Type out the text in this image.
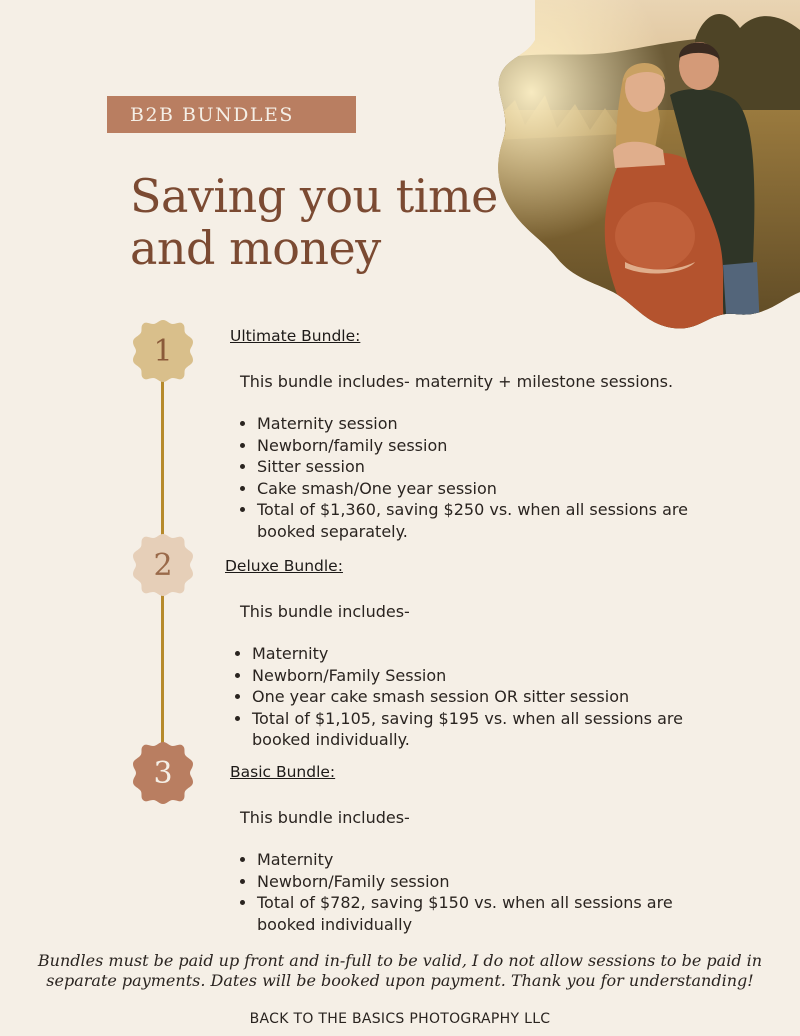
B2B BUNDLES
Saving you time
and money
1
2
3
Ultimate Bundle:
This bundle includes- maternity + milestone sessions.
• Maternity session
• Newborn/family session
• Sitter session
• Cake smash/One year session
• Total of $1,360, saving $250 vs. when all sessions are booked separately.
Deluxe Bundle:
This bundle includes-
• Maternity
• Newborn/Family Session
• One year cake smash session OR sitter session
• Total of $1,105, saving $195 vs. when all sessions are booked individually.
Basic Bundle:
This bundle includes-
• Maternity
• Newborn/Family session
• Total of $782, saving $150 vs. when all sessions are booked individually

Bundles must be paid up front and in-full to be valid, I do not allow sessions to be paid in separate payments. Dates will be booked upon payment. Thank you for understanding!

BACK TO THE BASICS PHOTOGRAPHY LLC
